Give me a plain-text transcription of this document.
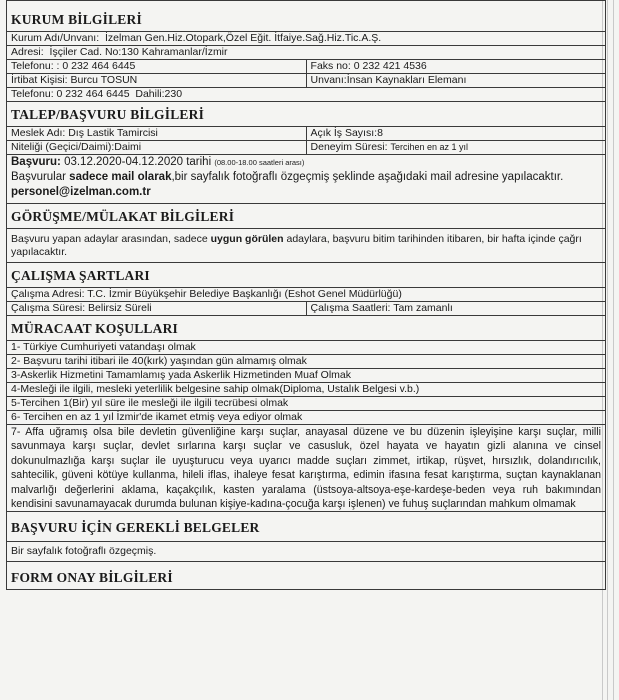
KURUM BİLGİLERİ	
Kurum Adı/Unvanı: İzelman Gen.Hiz.Otopark,Özel Eğit. İtfaiye.Sağ.Hiz.Tic.A.Ş.	
Adresi: İşçiler Cad. No:130 Kahramanlar/İzmir	
Telefonu: : 0 232 464 6445	Faks no: 0 232 421 4536
İrtibat Kişisi: Burcu TOSUN	Unvanı:İnsan Kaynakları Elemanı
Telefonu: 0 232 464 6445  Dahili:230	
TALEP/BAŞVURU BİLGİLERİ	
Meslek Adı: Dış Lastik Tamircisi	Açık İş Sayısı:8
Niteliği (Geçici/Daimi):Daimi	Deneyim Süresi: Tercihen en az 1 yıl

Başvuru: 03.12.2020-04.12.2020 tarihi (08.00-18.00 saatleri arası)
Başvurular sadece mail olarak,bir sayfalık fotoğraflı özgeçmiş şeklinde aşağıdaki mail adresine yapılacaktır.
personel@izelman.com.tr	

GÖRÜŞME/MÜLAKAT BİLGİLERİ	
Başvuru yapan adaylar arasından, sadece uygun görülen adaylara, başvuru bitim tarihinden itibaren, bir hafta içinde çağrı yapılacaktır.	
ÇALIŞMA ŞARTLARI	
Çalışma Adresi: T.C. İzmir Büyükşehir Belediye Başkanlığı (Eshot Genel Müdürlüğü)	
Çalışma Süresi: Belirsiz Süreli	Çalışma Saatleri: Tam zamanlı
MÜRACAAT KOŞULLARI	
1- Türkiye Cumhuriyeti vatandaşı olmak	
2- Başvuru tarihi itibari ile 40(kırk) yaşından gün almamış olmak	
3-Askerlik Hizmetini Tamamlamış yada Askerlik Hizmetinden Muaf Olmak	
4-Mesleği ile ilgili, mesleki yeterlilik belgesine sahip olmak(Diploma, Ustalık Belgesi v.b.)	
5-Tercihen 1(Bir) yıl süre ile mesleği ile ilgili tecrübesi olmak	
6- Tercihen en az 1 yıl İzmir'de ikamet etmiş veya ediyor olmak	
7- Affa uğramış olsa bile devletin güvenliğine karşı suçlar, anayasal düzene ve bu düzenin işleyişine karşı suçlar, milli savunmaya karşı suçlar, devlet sırlarına karşı suçlar ve casusluk, özel hayata ve hayatın gizli alanına ve cinsel dokunulmazlığa karşı suçlar ile uyuşturucu veya uyarıcı madde suçları zimmet, irtikap, rüşvet, hırsızlık, dolandırıcılık, sahtecilik, güveni kötüye kullanma, hileli iflas, ihaleye fesat karıştırma, edimin ifasına fesat karıştırma, suçtan kaynaklanan malvarlığı değerlerini aklama, kaçakçılık, kasten yaralama (üstsoya-altsoya-eşe-kardeşe-beden veya ruh bakımından kendisini savunamayacak durumda bulunan kişiye-kadına-çocuğa karşı işlenen) ve fuhuş suçlarından mahkum olmamak	
BAŞVURU İÇİN GEREKLİ BELGELER	
Bir sayfalık fotoğraflı özgeçmiş.	
FORM ONAY BİLGİLERİ	
